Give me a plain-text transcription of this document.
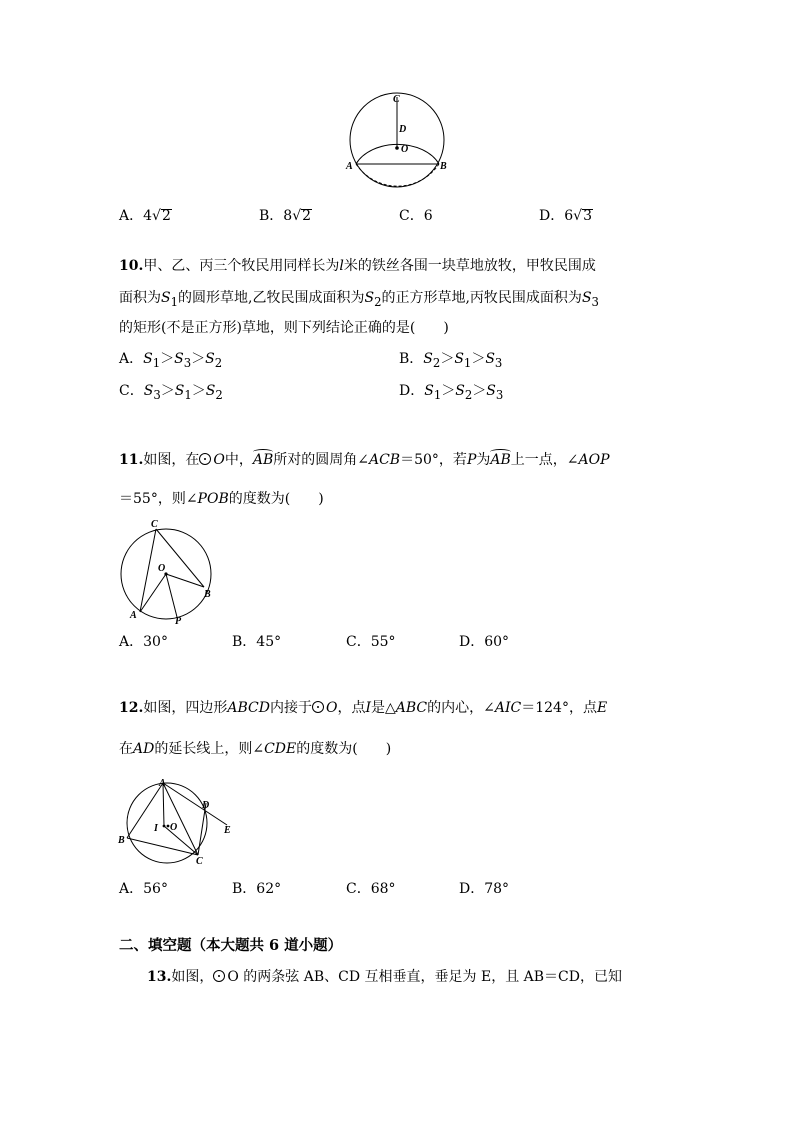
C
D
O
A	B
A．4√2	B．8√2	C．6	D．6√3
10.甲、乙、丙三个牧民用同样长为l米的铁丝各围一块草地放牧，甲牧民围成
面积为$S_1$的圆形草地,乙牧民围成面积为$S_2$的正方形草地,丙牧民围成面积为$S_3$
的矩形(不是正方形)草地，则下列结论正确的是(　　)
A．$S_1>S_3>S_2$	B．$S_2>S_1>S_3$
C．$S_3>S_1>S_2$	D．$S_1>S_2>S_3$
11.如图，在 O中，AB所对的圆周角∠ACB＝50°，若P为AB上一点，∠AOP
＝55°，则∠POB的度数为(　　)
C
O
A
P
B
A．30°	B．45°	C．55°	D．60°
12.如图，四边形ABCD内接于 O，点I是△ABC的内心，∠AIC＝124°，点E
在AD的延长线上，则∠CDE的度数为(　　)
A
D
I O	E
B
C
A．56°	B．62°	C．68°	D．78°
二、填空题（本大题共 6 道小题）
13.如图， O 的两条弦 AB、CD 互相垂直，垂足为 E，且 AB＝CD，已知
